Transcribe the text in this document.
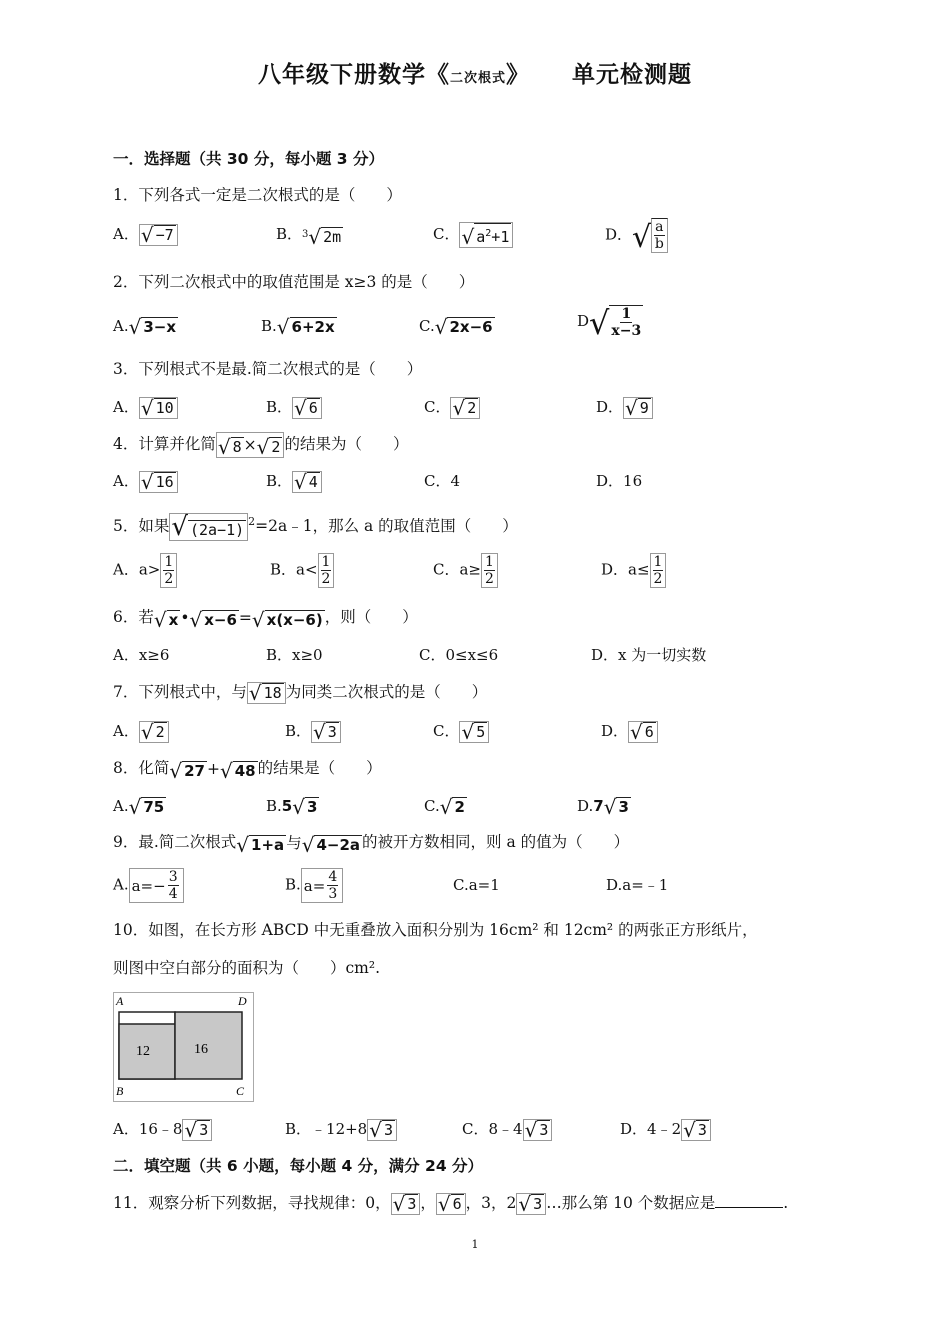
八年级下册数学《二次根式》 单元检测题
一．选择题（共 30 分，每小题 3 分）
1．下列各式一定是二次根式的是（　　）
A． √ −7	B． 3 √ 2m	C． √ $a^2+1$	D． √ $\frac{a}{b}$
2．下列二次根式中的取值范围是 x≥3 的是（　　）
A. √ 3−x	B. √ 6+2x	C. √ 2x−6	D √ $\frac{1}{x-3}$
3．下列根式不是最.简二次根式的是（　　）
A． √ 10	B． √ 6	C． √ 2	D． √ 9
4．计算并化简 √ 8 × √ 2 的结果为（　　）
A． √ 16	B． √ 4	C．4	D．16
5．如果 √ (2a−1) $^2$=2a﹣1，那么 a 的取值范围（　　）
A．$a> \frac{1}{2}$	B．$a< \frac{1}{2}$	C．$a\ge \frac{1}{2}$	D．$a\le \frac{1}{2}$
6．若 √ x • √ x−6 = √ x(x−6) ，则（　　）
A．x≥6	B．x≥0	C．0≤x≤6	D．x 为一切实数
7．下列根式中，与 √ 18 为同类二次根式的是（　　）
A． √ 2	B． √ 3	C． √ 5	D． √ 6
8．化简 √ 27 + √ 48 的结果是（　　）
A. √ 75	B.5 √ 3	C. √ 2	D.7 √ 3
9．最.简二次根式 √ 1+a 与 √ 4−2a 的被开方数相同，则 a 的值为（　　）
A. $a=- \frac{3}{4}$	B. $a= \frac{4}{3}$	C.a=1	D.a=﹣1
10．如图，在长方形 ABCD 中无重叠放入面积分别为 16cm² 和 12cm² 的两张正方形纸片，
则图中空白部分的面积为（　　）cm².
A	D
B	C
12	16
A．16﹣8 √ 3	B．﹣12+8 √ 3	C．8﹣4 √ 3	D．4﹣2 √ 3
二．填空题（共 6 小题，每小题 4 分，满分 24 分）
11．观察分析下列数据，寻找规律：0， √ 3 ， √ 6 ，3，2 √ 3 …那么第 10 个数据应是	.
1
